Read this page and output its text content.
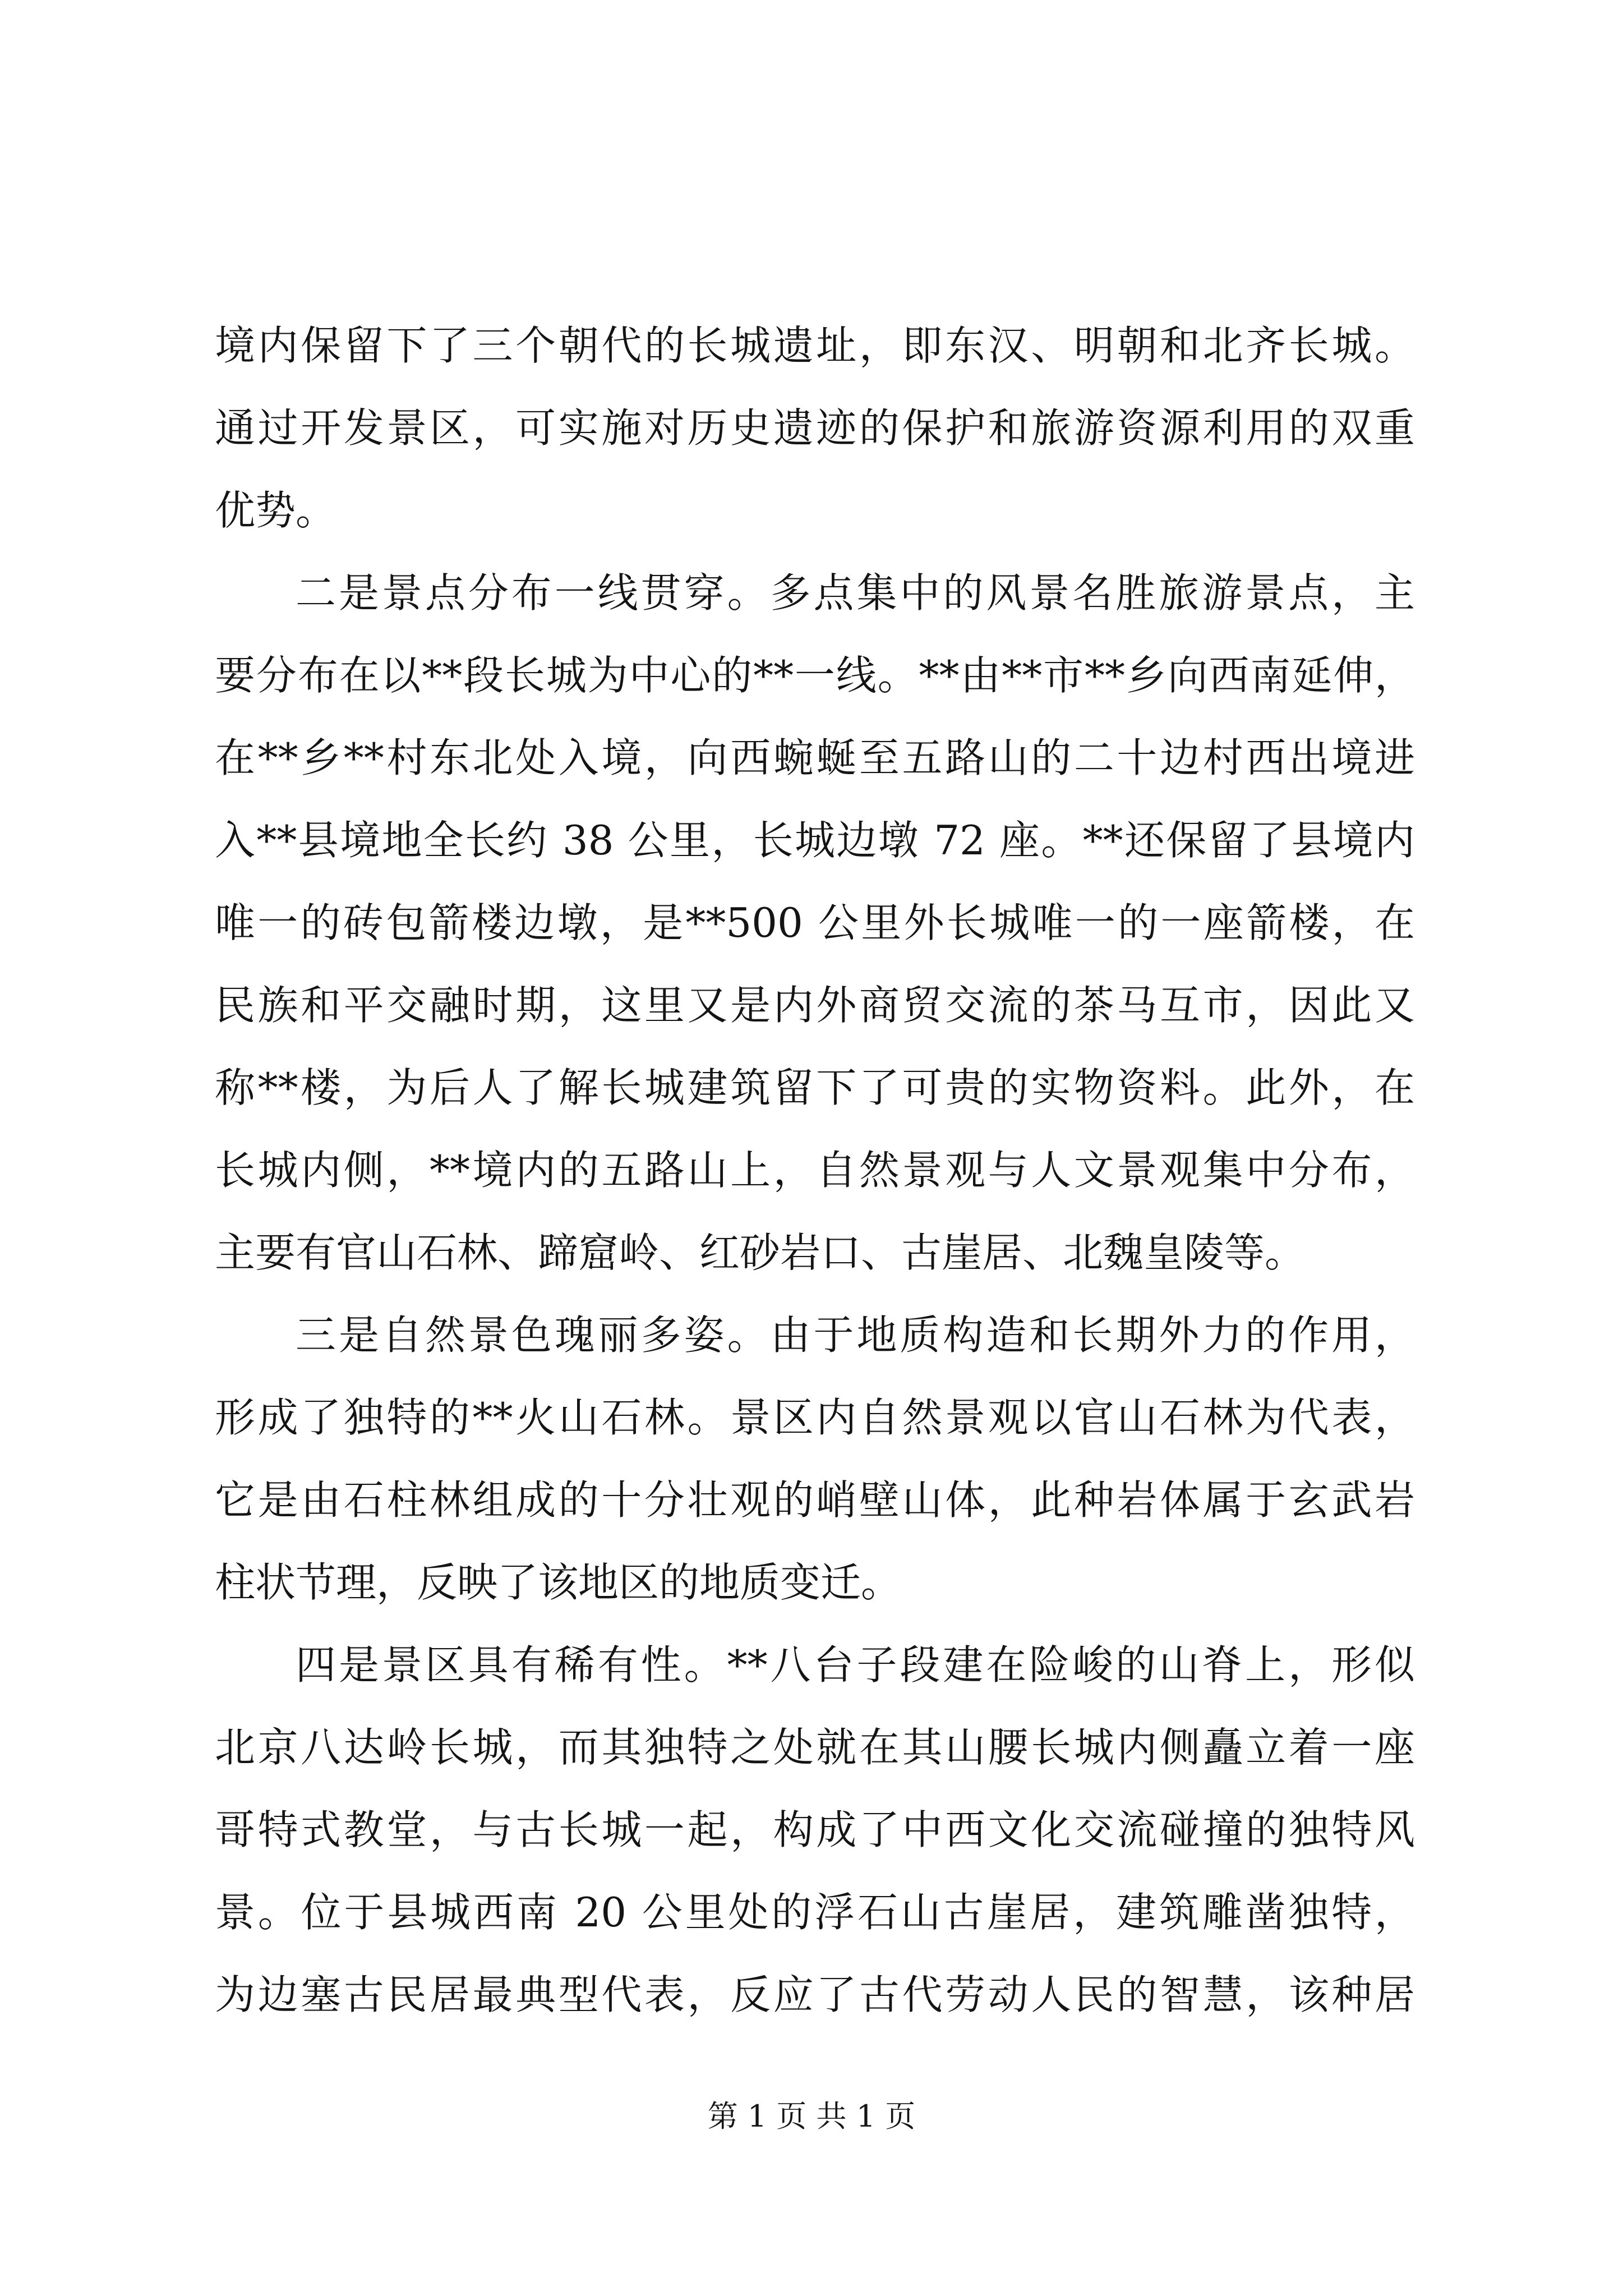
境内保留下了三个朝代的长城遗址，即东汉、明朝和北齐长城。
通过开发景区，可实施对历史遗迹的保护和旅游资源利用的双重
优势。
二是景点分布一线贯穿。多点集中的风景名胜旅游景点，主
要分布在以**段长城为中心的**一线。**由**市**乡向西南延伸，
在**乡**村东北处入境，向西蜿蜒至五路山的二十边村西出境进
入**县境地全长约 38 公里，长城边墩 72 座。**还保留了县境内
唯一的砖包箭楼边墩，是**500 公里外长城唯一的一座箭楼，在
民族和平交融时期，这里又是内外商贸交流的茶马互市，因此又
称**楼，为后人了解长城建筑留下了可贵的实物资料。此外，在
长城内侧，**境内的五路山上，自然景观与人文景观集中分布，
主要有官山石林、蹄窟岭、红砂岩口、古崖居、北魏皇陵等。
三是自然景色瑰丽多姿。由于地质构造和长期外力的作用，
形成了独特的**火山石林。景区内自然景观以官山石林为代表，
它是由石柱林组成的十分壮观的峭壁山体，此种岩体属于玄武岩
柱状节理，反映了该地区的地质变迁。
四是景区具有稀有性。**八台子段建在险峻的山脊上，形似
北京八达岭长城，而其独特之处就在其山腰长城内侧矗立着一座
哥特式教堂，与古长城一起，构成了中西文化交流碰撞的独特风
景。位于县城西南 20 公里处的浮石山古崖居，建筑雕凿独特，
为边塞古民居最典型代表，反应了古代劳动人民的智慧，该种居
第 1 页 共 1 页
